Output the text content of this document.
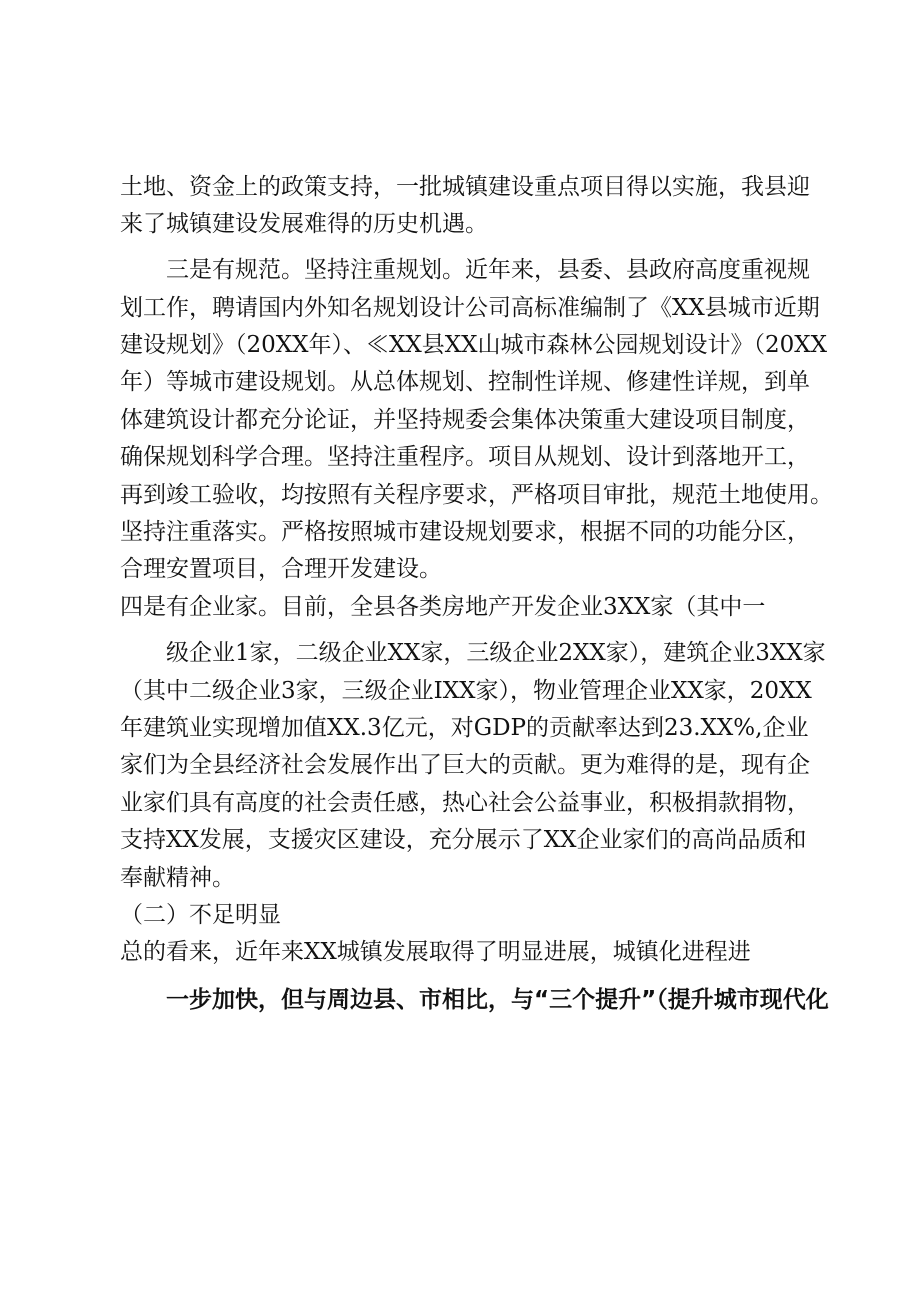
土地、资金上的政策支持，一批城镇建设重点项目得以实施，我县迎
来了城镇建设发展难得的历史机遇。
三是有规范。坚持注重规划。近年来，县委、县政府高度重视规
划工作，聘请国内外知名规划设计公司高标准编制了《XX县城市近期
建设规划》（20XX年）、≪XX县XX山城市森林公园规划设计》（20XX
年）等城市建设规划。从总体规划、控制性详规、修建性详规，到单
体建筑设计都充分论证，并坚持规委会集体决策重大建设项目制度，
确保规划科学合理。坚持注重程序。项目从规划、设计到落地开工，
再到竣工验收，均按照有关程序要求，严格项目审批，规范土地使用。
坚持注重落实。严格按照城市建设规划要求，根据不同的功能分区，
合理安置项目，合理开发建设。
四是有企业家。目前，全县各类房地产开发企业3XX家（其中一
级企业1家，二级企业XX家，三级企业2XX家），建筑企业3XX家
（其中二级企业3家，三级企业IXX家），物业管理企业XX家，20XX
年建筑业实现增加值XX.3亿元，对GDP的贡献率达到23.XX%,企业
家们为全县经济社会发展作出了巨大的贡献。更为难得的是，现有企
业家们具有高度的社会责任感，热心社会公益事业，积极捐款捐物，
支持XX发展，支援灾区建设，充分展示了XX企业家们的高尚品质和
奉献精神。
（二）不足明显
总的看来，近年来XX城镇发展取得了明显进展，城镇化进程进
一步加快，但与周边县、市相比，与“三个提升”（提升城市现代化
